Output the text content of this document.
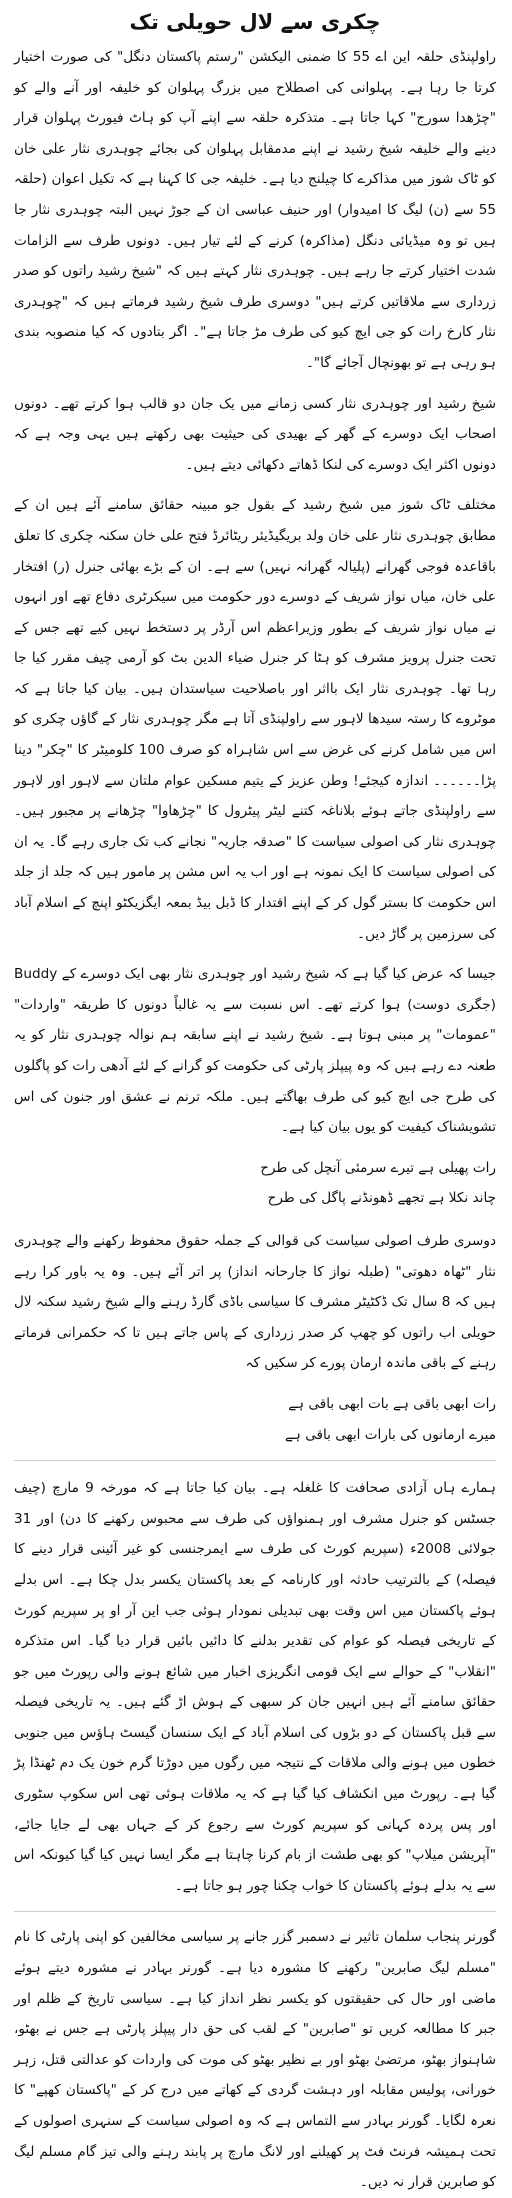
چکری سے لال حویلی تک

راولپنڈی حلقہ این اے 55 کا ضمنی الیکشن "رستم پاکستان دنگل" کی صورت اختیار کرتا جا رہا ہے۔ پہلوانی کی اصطلاح میں بزرگ پہلوان کو خلیفہ اور آنے والے کو "چڑھدا سورج" کہا جاتا ہے۔ متذکرہ حلقہ سے اپنے آپ کو ہاٹ فیورٹ پہلوان قرار دینے والے خلیفہ شیخ رشید نے اپنے مدمقابل پہلوان کی بجائے چوہدری نثار علی خان کو ٹاک شوز میں مذاکرے کا چیلنج دیا ہے۔ خلیفہ جی کا کہنا ہے کہ تکیل اعوان (حلقہ 55 سے (ن) لیگ کا امیدوار) اور حنیف عباسی ان کے جوڑ نہیں البتہ چوہدری نثار جا ہیں تو وہ میڈیائی دنگل (مذاکرہ) کرنے کے لئے تیار ہیں۔ دونوں طرف سے الزامات شدت اختیار کرتے جا رہے ہیں۔ چوہدری نثار کہتے ہیں کہ "شیخ رشید راتوں کو صدر زرداری سے ملاقاتیں کرتے ہیں" دوسری طرف شیخ رشید فرماتے ہیں کہ "چوہدری نثار کارخ رات کو جی ایچ کیو کی طرف مڑ جاتا ہے"۔ اگر بتادوں کہ کیا منصوبہ بندی ہو رہی ہے تو بھونچال آجائے گا"۔

شیخ رشید اور چوہدری نثار کسی زمانے میں یک جان دو قالب ہوا کرتے تھے۔ دونوں اصحاب ایک دوسرے کے گھر کے بھیدی کی حیثیت بھی رکھتے ہیں یہی وجہ ہے کہ دونوں اکثر ایک دوسرے کی لنکا ڈھاتے دکھائی دیتے ہیں۔

مختلف ٹاک شوز میں شیخ رشید کے بقول جو مبینہ حقائق سامنے آئے ہیں ان کے مطابق چوہدری نثار علی خان ولد بریگیڈیئر ریٹائرڈ فتح علی خان سکنہ چکری کا تعلق باقاعدہ فوجی گھرانے (پلیالہ گھرانہ نہیں) سے ہے۔ ان کے بڑے بھائی جنرل (ر) افتخار علی خان، میاں نواز شریف کے دوسرے دور حکومت میں سیکرٹری دفاع تھے اور انہوں نے میاں نواز شریف کے بطور وزیراعظم اس آرڈر پر دستخط نہیں کیے تھے جس کے تحت جنرل پرویز مشرف کو ہٹا کر جنرل ضیاء الدین بٹ کو آرمی چیف مقرر کیا جا رہا تھا۔ چوہدری نثار ایک بااثر اور باصلاحیت سیاستدان ہیں۔ بیان کیا جاتا ہے کہ موٹروے کا رستہ سیدھا لاہور سے راولپنڈی آتا ہے مگر چوہدری نثار کے گاؤں چکری کو اس میں شامل کرنے کی غرض سے اس شاہراہ کو صرف 100 کلومیٹر کا "چکر" دینا پڑا۔۔۔۔۔۔ اندازہ کیجئے! وطن عزیز کے یتیم مسکین عوام ملتان سے لاہور اور لاہور سے راولپنڈی جاتے ہوئے بلاناغہ کتنے لیٹر پیٹرول کا "چڑھاوا" چڑھانے پر مجبور ہیں۔ چوہدری نثار کی اصولی سیاست کا "صدقہ جاریہ" نجانے کب تک جاری رہے گا۔ یہ ان کی اصولی سیاست کا ایک نمونہ ہے اور اب یہ اس مشن پر مامور ہیں کہ جلد از جلد اس حکومت کا بستر گول کر کے اپنے اقتدار کا ڈبل بیڈ بمعہ ایگزیکٹو اپنچ کے اسلام آباد کی سرزمین پر گاڑ دیں۔

جیسا کہ عرض کیا گیا ہے کہ شیخ رشید اور چوہدری نثار بھی ایک دوسرے کے Buddy (جگری دوست) ہوا کرتے تھے۔ اس نسبت سے یہ غالباً دونوں کا طریقہ "واردات" "عمومات" پر مبنی ہوتا ہے۔ شیخ رشید نے اپنے سابقہ ہم نوالہ چوہدری نثار کو یہ طعنہ دے رہے ہیں کہ وہ پیپلز پارٹی کی حکومت کو گرانے کے لئے آدھی رات کو پاگلوں کی طرح جی ایچ کیو کی طرف بھاگتے ہیں۔ ملکہ ترنم نے عشق اور جنون کی اس تشویشناک کیفیت کو یوں بیان کیا ہے۔

رات پھیلی ہے تیرے سرمئی آنچل کی طرح
چاند نکلا ہے تجھے ڈھونڈنے پاگل کی طرح

دوسری طرف اصولی سیاست کی قوالی کے جملہ حقوق محفوظ رکھنے والے چوہدری نثار "ٹھاہ دھوتی" (طبلہ نواز کا جارحانہ انداز) پر اتر آئے ہیں۔ وہ یہ باور کرا رہے ہیں کہ 8 سال تک ڈکٹیٹر مشرف کا سیاسی باڈی گارڈ رہنے والے شیخ رشید سکنہ لال حویلی اب راتوں کو چھپ کر صدر زرداری کے پاس جاتے ہیں تا کہ حکمرانی فرماتے رہنے کے باقی ماندہ ارمان پورے کر سکیں کہ

رات ابھی باقی ہے بات ابھی باقی ہے
میرے ارمانوں کی بارات ابھی باقی ہے

ہمارے ہاں آزادی صحافت کا غلغلہ ہے۔ بیان کیا جاتا ہے کہ مورخہ 9 مارچ (چیف جسٹس کو جنرل مشرف اور ہمنواؤں کی طرف سے محبوس رکھنے کا دن) اور 31 جولائی 2008ء (سپریم کورٹ کی طرف سے ایمرجنسی کو غیر آئینی قرار دینے کا فیصلہ) کے بالترتیب حادثہ اور کارنامہ کے بعد پاکستان یکسر بدل چکا ہے۔ اس بدلے ہوئے پاکستان میں اس وقت بھی تبدیلی نمودار ہوئی جب این آر او پر سپریم کورٹ کے تاریخی فیصلہ کو عوام کی تقدیر بدلنے کا دائیں بائیں قرار دیا گیا۔ اس متذکرہ "انقلاب" کے حوالے سے ایک قومی انگریزی اخبار میں شائع ہونے والی رپورٹ میں جو حقائق سامنے آئے ہیں انہیں جان کر سبھی کے ہوش اڑ گئے ہیں۔ یہ تاریخی فیصلہ سے قبل پاکستان کے دو بڑوں کی اسلام آباد کے ایک سنسان گیسٹ ہاؤس میں جنوبی خطوں میں ہونے والی ملاقات کے نتیجہ میں رگوں میں دوڑتا گرم خون یک دم ٹھنڈا پڑ گیا ہے۔ رپورٹ میں انکشاف کیا گیا ہے کہ یہ ملاقات ہوئی تھی اس سکوپ سٹوری اور پس پردہ کہانی کو سپریم کورٹ سے رجوع کر کے جہاں بھی لے جایا جائے، "آپریشن میلاپ" کو بھی طشت از بام کرنا چاہتا ہے مگر ایسا نہیں کیا گیا کیونکہ اس سے یہ بدلے ہوئے پاکستان کا خواب چکنا چور ہو جاتا ہے۔

گورنر پنجاب سلمان تاثیر نے دسمبر گزر جانے پر سیاسی مخالفین کو اپنی پارٹی کا نام "مسلم لیگ صابرین" رکھنے کا مشورہ دیا ہے۔ گورنر بہادر نے مشورہ دیتے ہوئے ماضی اور حال کی حقیقتوں کو یکسر نظر انداز کیا ہے۔ سیاسی تاریخ کے ظلم اور جبر کا مطالعہ کریں تو "صابرین" کے لقب کی حق دار پیپلز پارٹی ہے جس نے بھٹو، شاہنواز بھٹو، مرتضیٰ بھٹو اور بے نظیر بھٹو کی موت کی واردات کو عدالتی قتل، زہر خورانی، پولیس مقابلہ اور دہشت گردی کے کھاتے میں درج کر کے "پاکستان کھپے" کا نعرہ لگایا۔ گورنر بہادر سے التماس ہے کہ وہ اصولی سیاست کے سنہری اصولوں کے تحت ہمیشہ فرنٹ فٹ پر کھیلنے اور لانگ مارچ پر پابند رہنے والی تیز گام مسلم لیگ کو صابرین قرار نہ دیں۔
